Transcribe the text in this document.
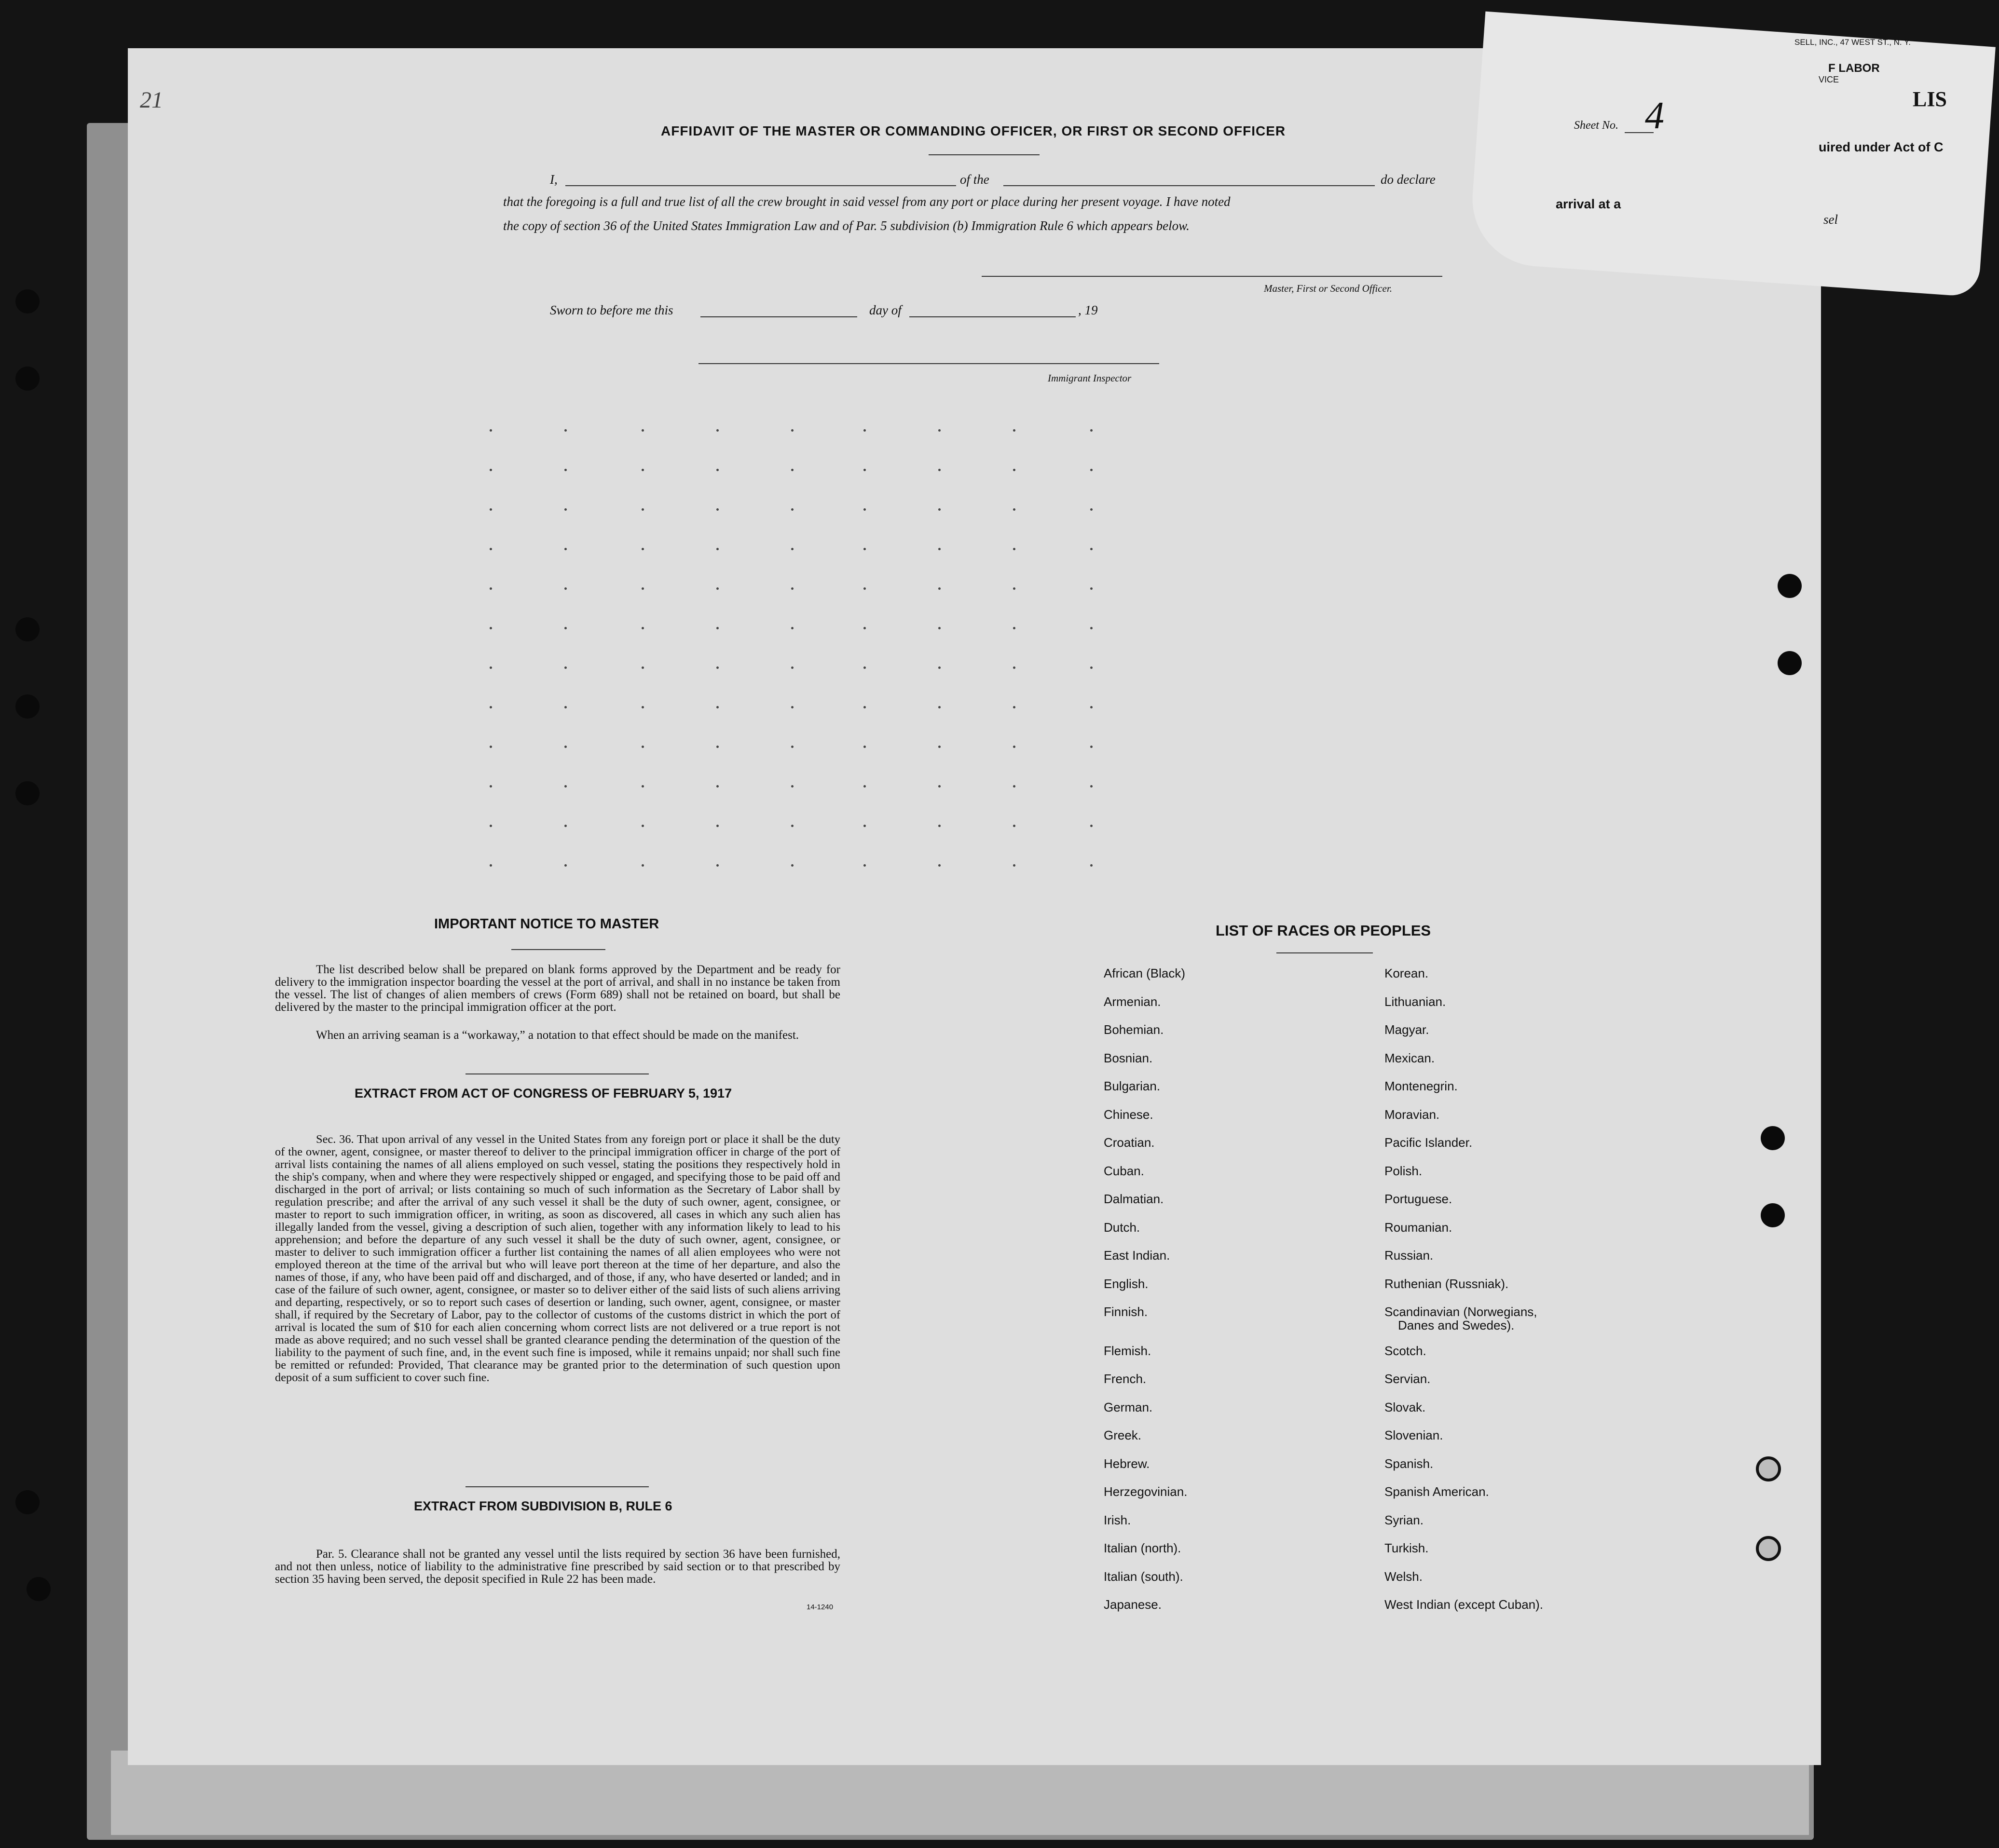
SELL, INC., 47 WEST ST., N. Y.
F LABOR
VICE
LIS
uired under Act of C
arrival at a
sel
Sheet No. 4
21
AFFIDAVIT OF THE MASTER OR COMMANDING OFFICER, OR FIRST OR SECOND OFFICER
I,	of the	do declare
that the foregoing is a full and true list of all the crew brought in said vessel from any port or place during her present voyage. I have noted
the copy of section 36 of the United States Immigration Law and of Par. 5 subdivision (b) Immigration Rule 6 which appears below.
Master, First or Second Officer.
Sworn to before me this	day of	, 19
Immigrant Inspector
IMPORTANT NOTICE TO MASTER
The list described below shall be prepared on blank forms approved by the Department and be ready for delivery to the immigration inspector boarding the vessel at the port of arrival, and shall in no instance be taken from the vessel. The list of changes of alien members of crews (Form 689) shall not be retained on board, but shall be delivered by the master to the principal immigration officer at the port.
When an arriving seaman is a “workaway,” a notation to that effect should be made on the manifest.
EXTRACT FROM ACT OF CONGRESS OF FEBRUARY 5, 1917
Sec. 36. That upon arrival of any vessel in the United States from any foreign port or place it shall be the duty of the owner, agent, consignee, or master thereof to deliver to the principal immigration officer in charge of the port of arrival lists containing the names of all aliens employed on such vessel, stating the positions they respectively hold in the ship's company, when and where they were respectively shipped or engaged, and specifying those to be paid off and discharged in the port of arrival; or lists containing so much of such information as the Secretary of Labor shall by regulation prescribe; and after the arrival of any such vessel it shall be the duty of such owner, agent, consignee, or master to report to such immigration officer, in writing, as soon as discovered, all cases in which any such alien has illegally landed from the vessel, giving a description of such alien, together with any information likely to lead to his apprehension; and before the departure of any such vessel it shall be the duty of such owner, agent, consignee, or master to deliver to such immigration officer a further list containing the names of all alien employees who were not employed thereon at the time of the arrival but who will leave port thereon at the time of her departure, and also the names of those, if any, who have been paid off and discharged, and of those, if any, who have deserted or landed; and in case of the failure of such owner, agent, consignee, or master so to deliver either of the said lists of such aliens arriving and departing, respectively, or so to report such cases of desertion or landing, such owner, agent, consignee, or master shall, if required by the Secretary of Labor, pay to the collector of customs of the customs district in which the port of arrival is located the sum of $10 for each alien concerning whom correct lists are not delivered or a true report is not made as above required; and no such vessel shall be granted clearance pending the determination of the question of the liability to the payment of such fine, and, in the event such fine is imposed, while it remains unpaid; nor shall such fine be remitted or refunded: Provided, That clearance may be granted prior to the determination of such question upon deposit of a sum sufficient to cover such fine.
EXTRACT FROM SUBDIVISION B, RULE 6
Par. 5. Clearance shall not be granted any vessel until the lists required by section 36 have been furnished, and not then unless, notice of liability to the administrative fine prescribed by said section or to that prescribed by section 35 having been served, the deposit specified in Rule 22 has been made.
14-1240
LIST OF RACES OR PEOPLES
African (Black)
Armenian.
Bohemian.
Bosnian.
Bulgarian.
Chinese.
Croatian.
Cuban.
Dalmatian.
Dutch.
East Indian.
English.
Finnish.
Flemish.
French.
German.
Greek.
Hebrew.
Herzegovinian.
Irish.
Italian (north).
Italian (south).
Japanese.
Korean.
Lithuanian.
Magyar.
Mexican.
Montenegrin.
Moravian.
Pacific Islander.
Polish.
Portuguese.
Roumanian.
Russian.
Ruthenian (Russniak).
Scandinavian (Norwegians,
Danes and Swedes).
Scotch.
Servian.
Slovak.
Slovenian.
Spanish.
Spanish American.
Syrian.
Turkish.
Welsh.
West Indian (except Cuban).
